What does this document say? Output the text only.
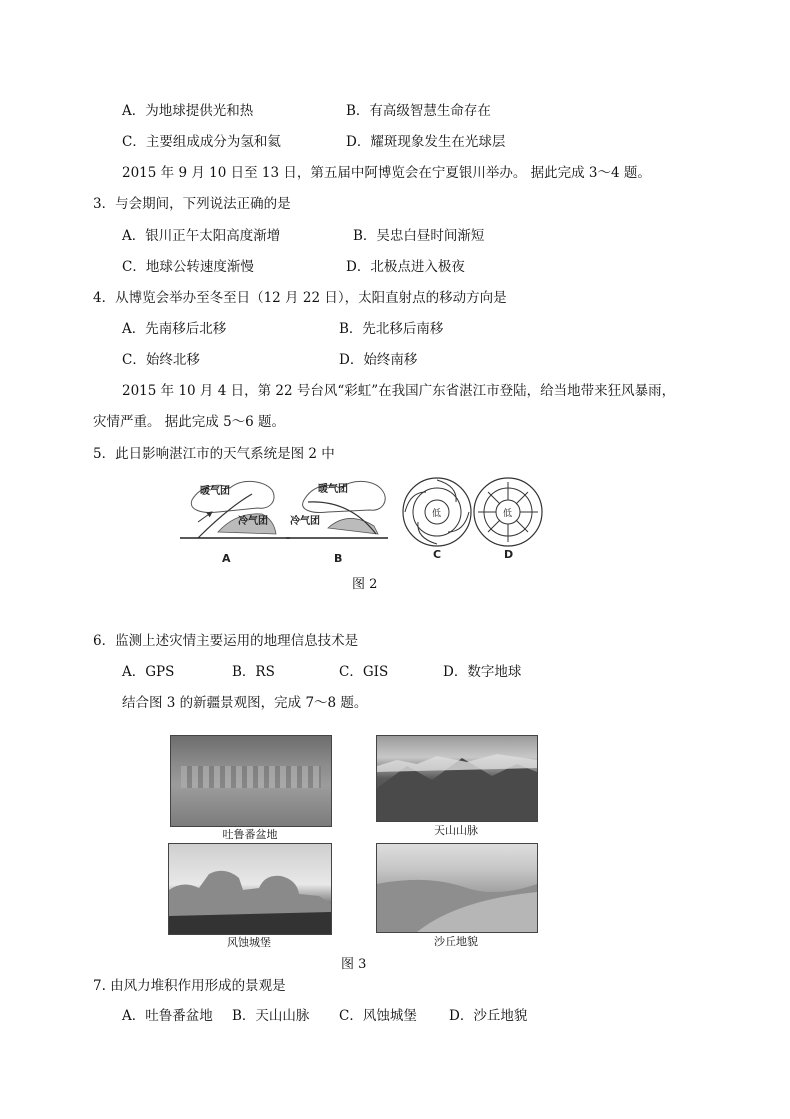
A．为地球提供光和热	B．有高级智慧生命存在
C．主要组成成分为氢和氦	D．耀斑现象发生在光球层
2015 年 9 月 10 日至 13 日，第五届中阿博览会在宁夏银川举办。 据此完成 3～4 题。
3．与会期间，下列说法正确的是
A．银川正午太阳高度渐增	B．吴忠白昼时间渐短
C．地球公转速度渐慢	D．北极点进入极夜
4．从博览会举办至冬至日（12 月 22 日），太阳直射点的移动方向是
A．先南移后北移	B．先北移后南移
C．始终北移	D．始终南移
2015 年 10 月 4 日，第 22 号台风“彩虹”在我国广东省湛江市登陆，给当地带来狂风暴雨，
灾情严重。 据此完成 5～6 题。
5．此日影响湛江市的天气系统是图 2 中
暖气团
冷气团
A
暖气团
冷气团
B
低
C
低
D
图 2
6．监测上述灾情主要运用的地理信息技术是
A．GPS	B．RS	C．GIS	D．数字地球
结合图 3 的新疆景观图，完成 7～8 题。
吐鲁番盆地	天山山脉
风蚀城堡	沙丘地貌
图 3
7. 由风力堆积作用形成的景观是
A．吐鲁番盆地 B．天山山脉 C．风蚀城堡 D．沙丘地貌
